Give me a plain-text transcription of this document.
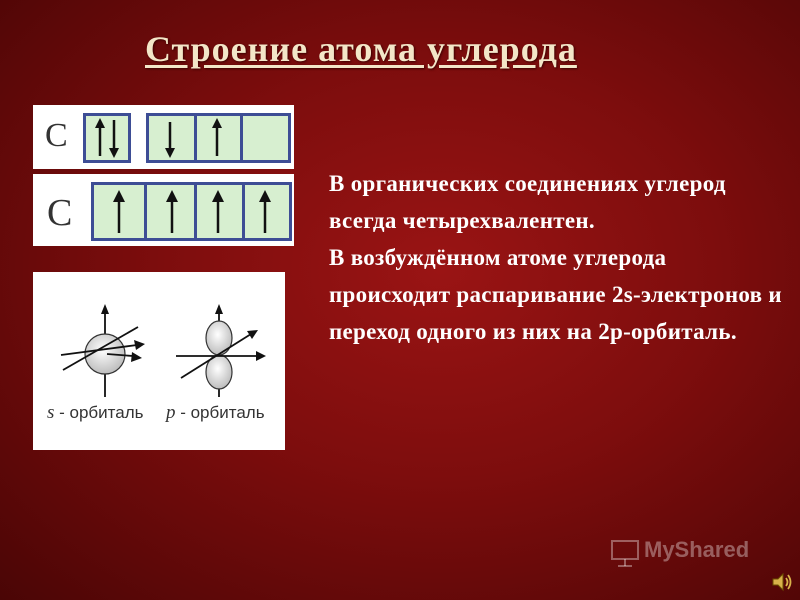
Строение атома углерода
C
C
s - орбиталь p - орбиталь

В органических соединениях углерод всегда четырехвалентен.

В возбуждённом атоме углерода происходит распаривание 2s-электронов и переход одного из них на 2р-орбиталь.

MyShared
